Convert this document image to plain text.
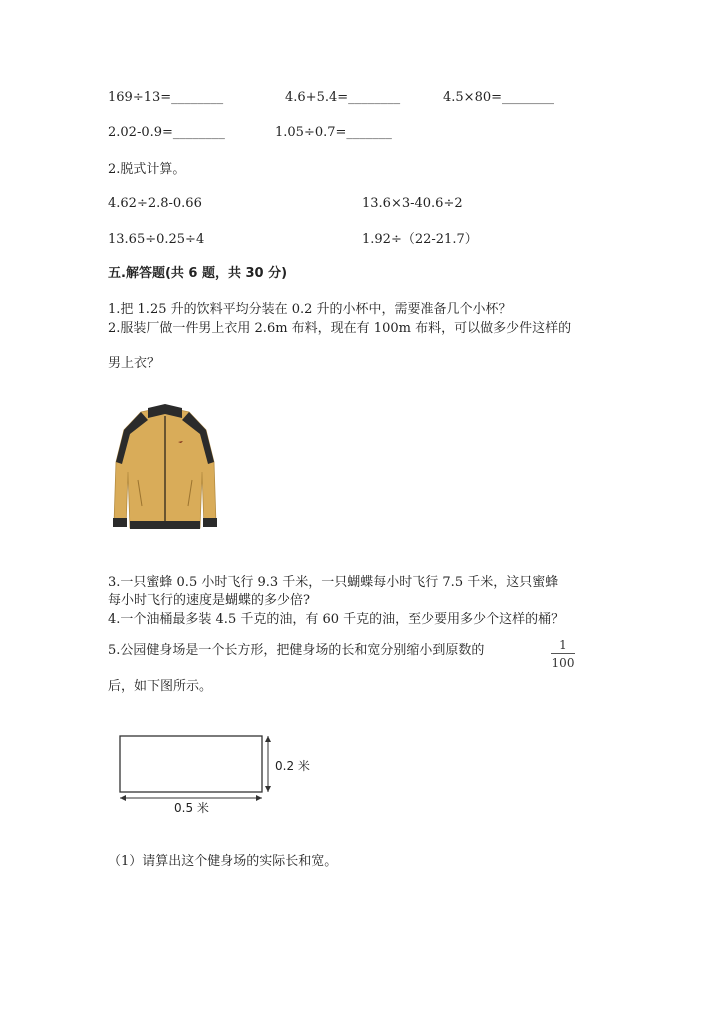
169÷13=________	4.6+5.4=________	4.5×80=________
2.02-0.9=________	1.05÷0.7=_______
2.脱式计算。
4.62÷2.8-0.66	13.6×3-40.6÷2
13.65÷0.25÷4	1.92÷（22-21.7）
五.解答题(共 6 题，共 30 分)
1.把 1.25 升的饮料平均分装在 0.2 升的小杯中，需要准备几个小杯？
2.服装厂做一件男上衣用 2.6m 布料，现在有 100m 布料，可以做多少件这样的
男上衣？
3.一只蜜蜂 0.5 小时飞行 9.3 千米，一只蝴蝶每小时飞行 7.5 千米，这只蜜蜂
每小时飞行的速度是蝴蝶的多少倍?
4.一个油桶最多装 4.5 千克的油，有 60 千克的油，至少要用多少个这样的桶？
5.公园健身场是一个长方形，把健身场的长和宽分别缩小到原数的	1
100
后，如下图所示。
0.2 米
0.5 米
（1）请算出这个健身场的实际长和宽。
